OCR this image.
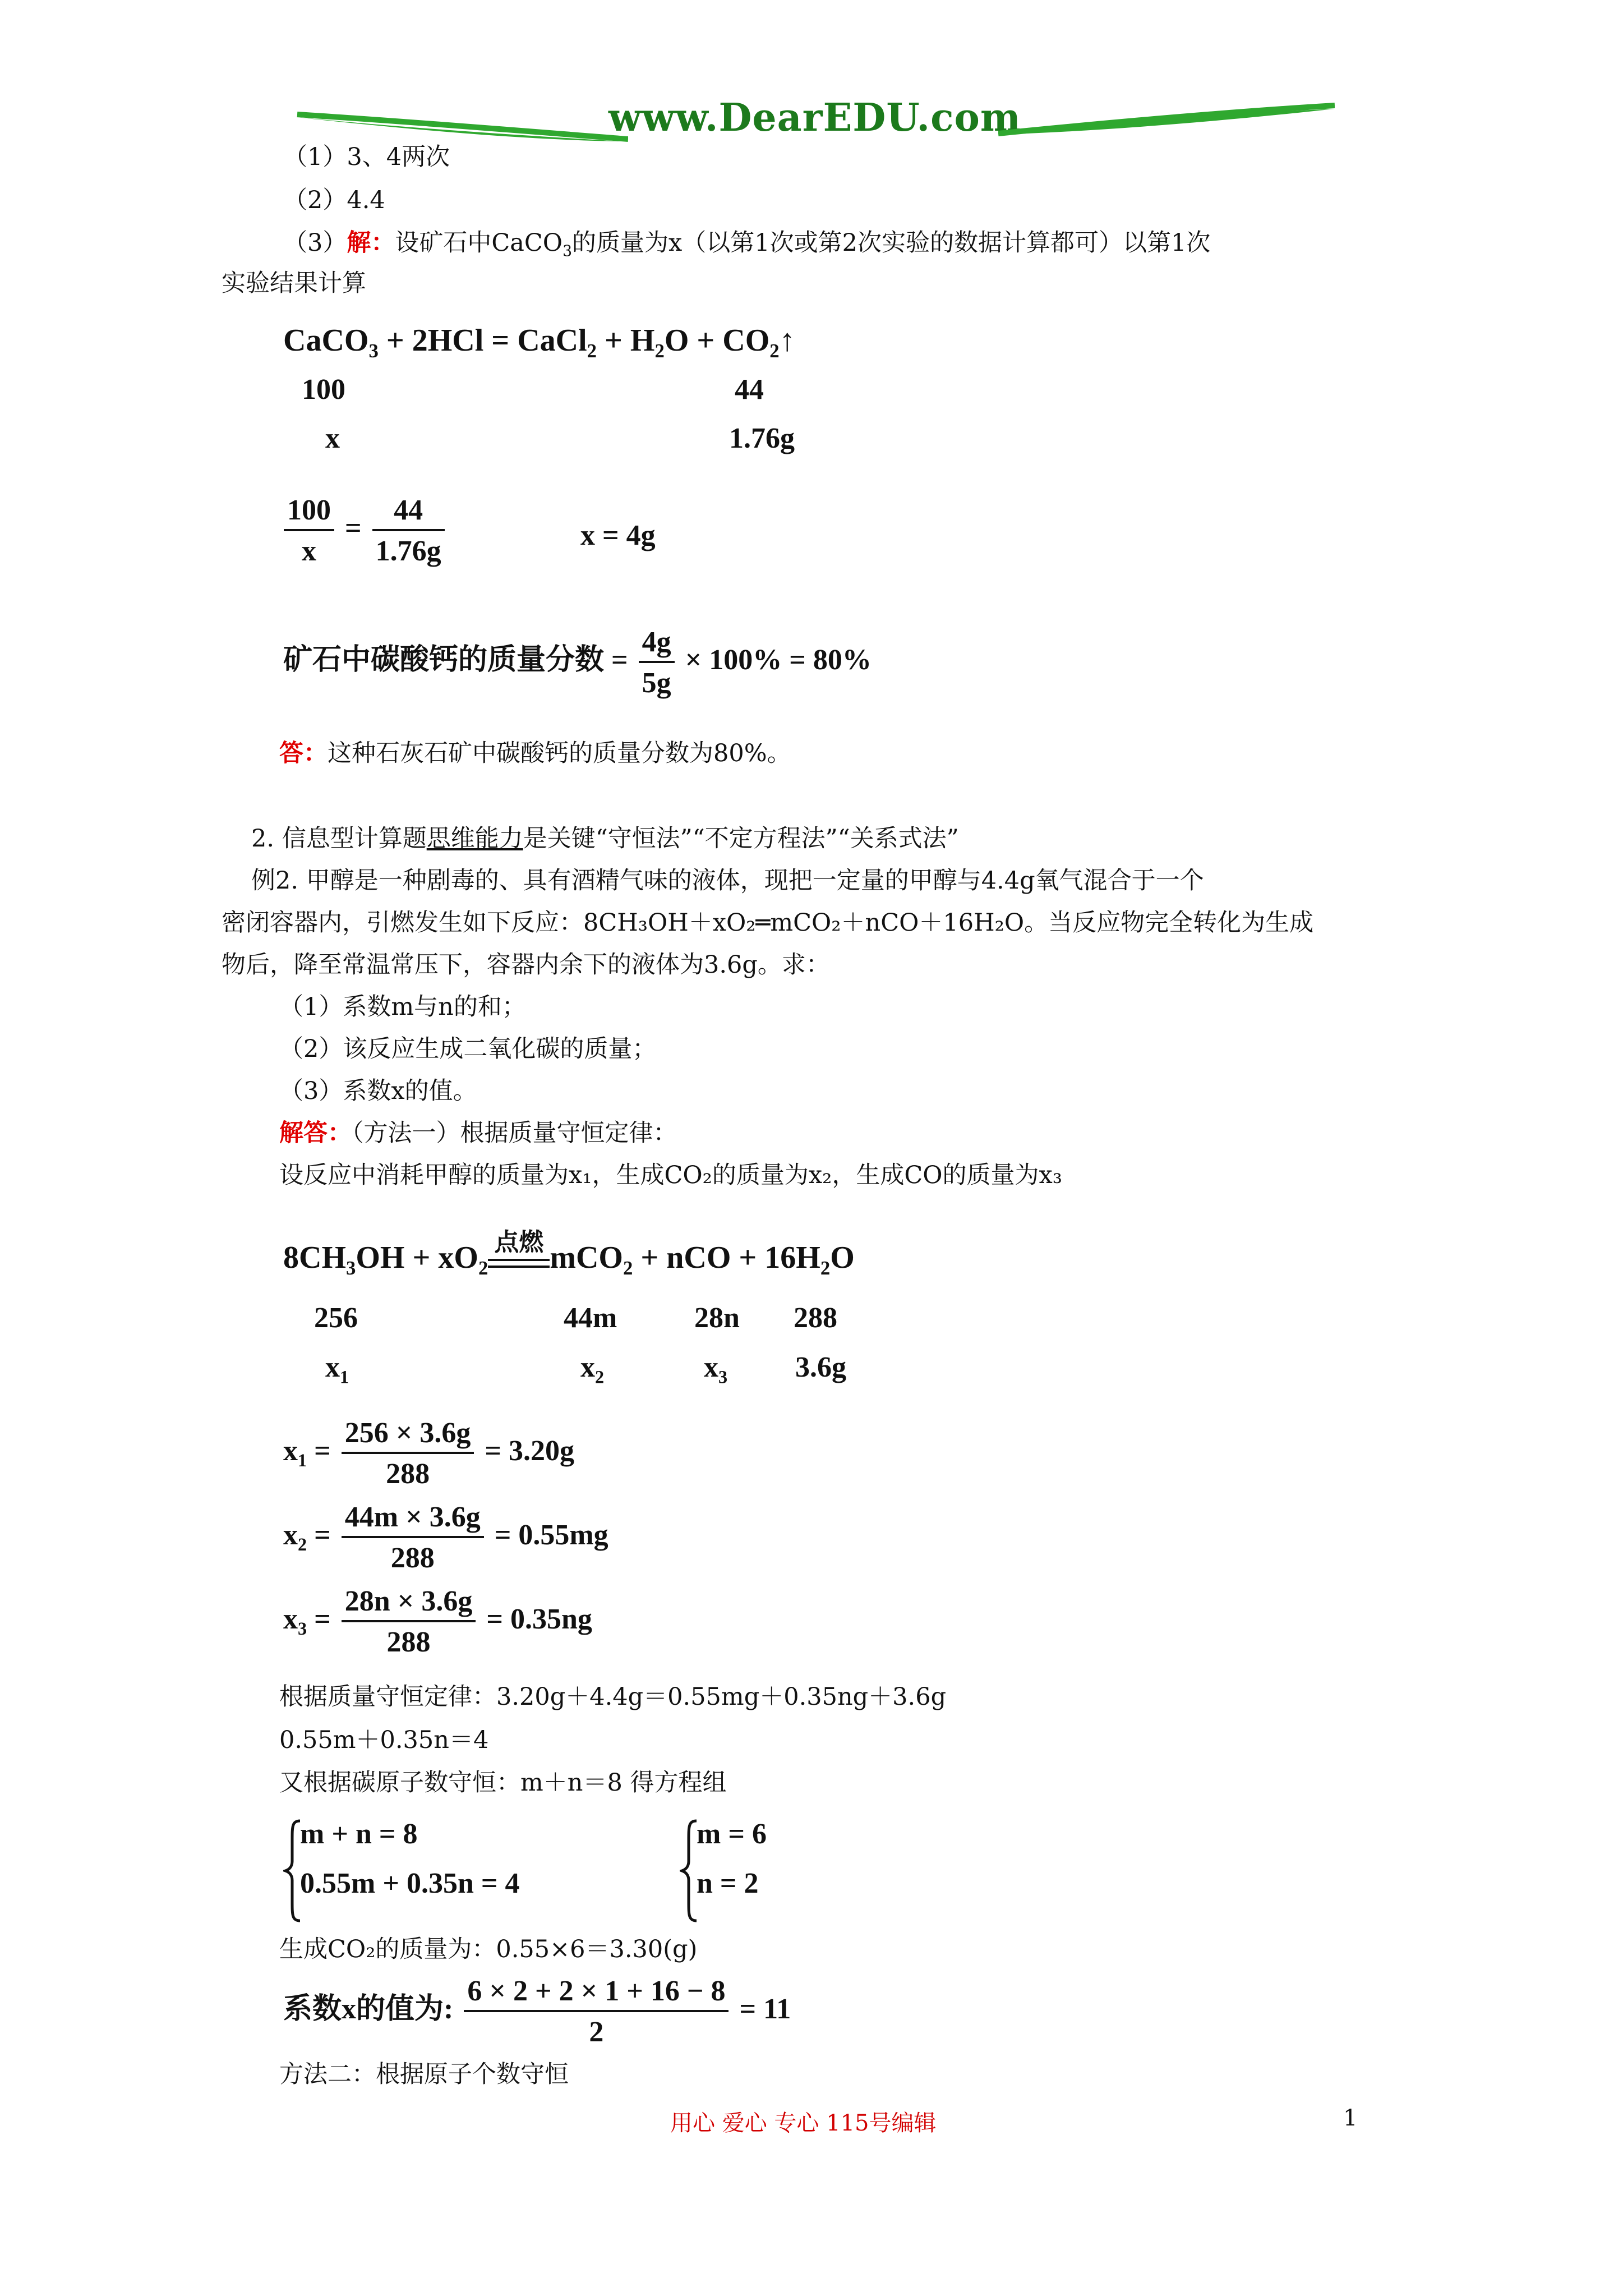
www.DearEDU.com
（1）3、4两次
（2）4.4
（3）解：设矿石中CaCO$_3$的质量为x（以第1次或第2次实验的数据计算都可）以第1次
实验结果计算
CaCO$_3$ + 2HCl = CaCl$_2$ + $H_2O$ + $CO_2↑$
100	44
x	1.76g
$\frac{100}{x} = \frac{44}{1.76g}$	x = 4g
矿石中碳酸钙的质量分数 = $\frac{4g}{5g} \times 100\% = 80\%$
答：这种石灰石矿中碳酸钙的质量分数为80%。
2. 信息型计算题思维能力是关键“守恒法”“不定方程法”“关系式法”
例2. 甲醇是一种剧毒的、具有酒精气味的液体，现把一定量的甲醇与4.4g氧气混合于一个
密闭容器内，引燃发生如下反应：8CH₃OH＋xO₂═mCO₂＋nCO＋16H₂O。当反应物完全转化为生成
物后，降至常温常压下，容器内余下的液体为3.6g。求：
（1）系数m与n的和；
（2）该反应生成二氧化碳的质量；
（3）系数x的值。
解答：（方法一）根据质量守恒定律：
设反应中消耗甲醇的质量为x₁，生成CO₂的质量为x₂，生成CO的质量为x₃
$8CH_3OH + xO_2$
点燃 mCO$_2$ + nCO + $16H_2O$
256	44m	28n 288
$x_1$	$x_2$	$x_3$ 3.6g
$x_1 = \frac{256 \times 3.6g}{288} = 3.20g$
$x_2 = \frac{44m \times 3.6g}{288} = 0.55mg$
$x_3 = \frac{28n \times 3.6g}{288} = 0.35ng$
根据质量守恒定律：3.20g＋4.4g＝0.55mg＋0.35ng＋3.6g
0.55m＋0.35n＝4
又根据碳原子数守恒：m＋n＝8 得方程组
m + n = 8
0.55m + 0.35n = 4
m = 6
n = 2
生成CO₂的质量为：0.55×6＝3.30(g)
系数x的值为: $\frac{6 \times 2 + 2 \times 1 + 16 - 8}{2} = 11$
方法二：根据原子个数守恒
用心 爱心 专心 115号编辑	1
